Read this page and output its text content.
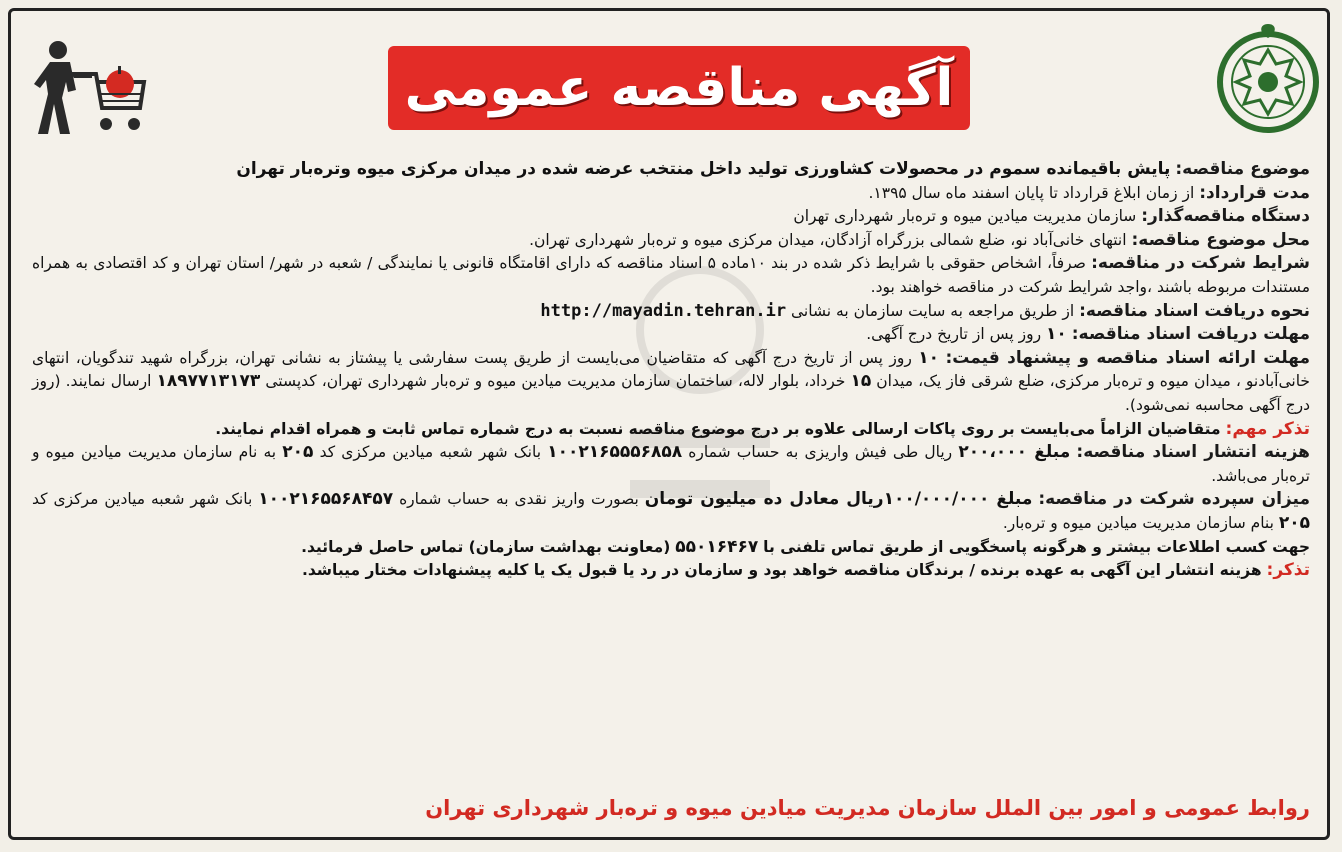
آگهی مناقصه عمومی

موضوع مناقصه: پایش باقیمانده سموم در محصولات کشاورزی تولید داخل منتخب عرضه شده در میدان مرکزی میوه وتره‌بار تهران

مدت قرارداد: از زمان ابلاغ قرارداد تا پایان اسفند ماه سال ۱۳۹۵.

دستگاه مناقصه‌گذار: سازمان مدیریت میادین میوه و تره‌بار شهرداری تهران

محل موضوع مناقصه: انتهای خانی‌آباد نو، ضلع شمالی بزرگراه آزادگان، میدان مرکزی میوه و تره‌بار شهرداری تهران.

شرایط شرکت در مناقصه: صرفاً، اشخاص حقوقی با شرایط ذکر شده در بند ۱۰ماده ۵ اسناد مناقصه که دارای اقامتگاه قانونی یا نمایندگی / شعبه در شهر/ استان تهران و کد اقتصادی به همراه مستندات مربوطه باشند ،واجد شرایط شرکت در مناقصه خواهند بود.

نحوه دریافت اسناد مناقصه: از طریق مراجعه به سایت سازمان به نشانی http://mayadin.tehran.ir

مهلت دریافت اسناد مناقصه: ۱۰ روز پس از تاریخ درج آگهی.

مهلت ارائه اسناد مناقصه و پیشنهاد قیمت: ۱۰ روز پس از تاریخ درج آگهی که متقاضیان می‌بایست از طریق پست سفارشی یا پیشتاز به نشانی تهران، بزرگراه شهید تندگویان، انتهای خانی‌آبادنو ، میدان میوه و تره‌بار مرکزی، ضلع شرقی فاز یک، میدان ۱۵ خرداد، بلوار لاله، ساختمان سازمان مدیریت میادین میوه و تره‌بار شهرداری تهران، کدپستی ۱۸۹۷۷۱۳۱۷۳ ارسال نمایند. (روز درج آگهی محاسبه نمی‌شود).

تذکر مهم: متقاضیان الزاماً می‌بایست بر روی پاکات ارسالی علاوه بر درج موضوع مناقصه نسبت به درج شماره تماس ثابت و همراه اقدام نمایند.

هزینه انتشار اسناد مناقصه: مبلغ ۲۰۰،۰۰۰ ریال طی فیش واریزی به حساب شماره ۱۰۰۲۱۶۵۵۵۶۸۵۸ بانک شهر شعبه میادین مرکزی کد ۲۰۵ به نام سازمان مدیریت میادین میوه و تره‌بار می‌باشد.

میزان سپرده شرکت در مناقصه: مبلغ ۱۰۰/۰۰۰/۰۰۰ریال معادل ده میلیون تومان بصورت واریز نقدی به حساب شماره ۱۰۰۲۱۶۵۵۶۸۴۵۷ بانک شهر شعبه میادین مرکزی کد ۲۰۵ بنام سازمان مدیریت میادین میوه و تره‌بار.

جهت کسب اطلاعات بیشتر و هرگونه پاسخگویی از طریق تماس تلفنی با ۵۵۰۱۶۴۶۷ (معاونت بهداشت سازمان) تماس حاصل فرمائید.

تذکر: هزینه انتشار این آگهی به عهده برنده / برندگان مناقصه خواهد بود و سازمان در رد یا قبول یک یا کلیه پیشنهادات مختار میباشد.

روابط عمومی و امور بین الملل سازمان مدیریت میادین میوه و تره‌بار شهرداری تهران
